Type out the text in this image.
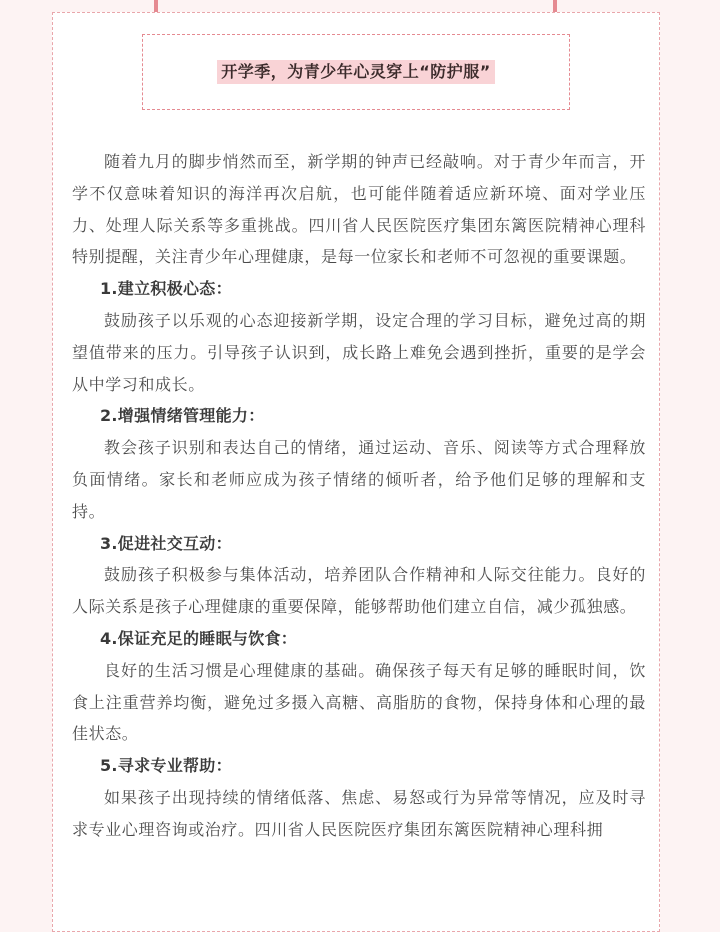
开学季，为青少年心灵穿上“防护服”

随着九月的脚步悄然而至，新学期的钟声已经敲响。对于青少年而言，开学不仅意味着知识的海洋再次启航，也可能伴随着适应新环境、面对学业压力、处理人际关系等多重挑战。四川省人民医院医疗集团东篱医院精神心理科特别提醒，关注青少年心理健康，是每一位家长和老师不可忽视的重要课题。

1.建立积极心态：

鼓励孩子以乐观的心态迎接新学期，设定合理的学习目标，避免过高的期望值带来的压力。引导孩子认识到，成长路上难免会遇到挫折，重要的是学会从中学习和成长。

2.增强情绪管理能力：

教会孩子识别和表达自己的情绪，通过运动、音乐、阅读等方式合理释放负面情绪。家长和老师应成为孩子情绪的倾听者，给予他们足够的理解和支持。

3.促进社交互动：

鼓励孩子积极参与集体活动，培养团队合作精神和人际交往能力。良好的人际关系是孩子心理健康的重要保障，能够帮助他们建立自信，减少孤独感。

4.保证充足的睡眠与饮食：

良好的生活习惯是心理健康的基础。确保孩子每天有足够的睡眠时间，饮食上注重营养均衡，避免过多摄入高糖、高脂肪的食物，保持身体和心理的最佳状态。

5.寻求专业帮助：

如果孩子出现持续的情绪低落、焦虑、易怒或行为异常等情况，应及时寻求专业心理咨询或治疗。四川省人民医院医疗集团东篱医院精神心理科拥
